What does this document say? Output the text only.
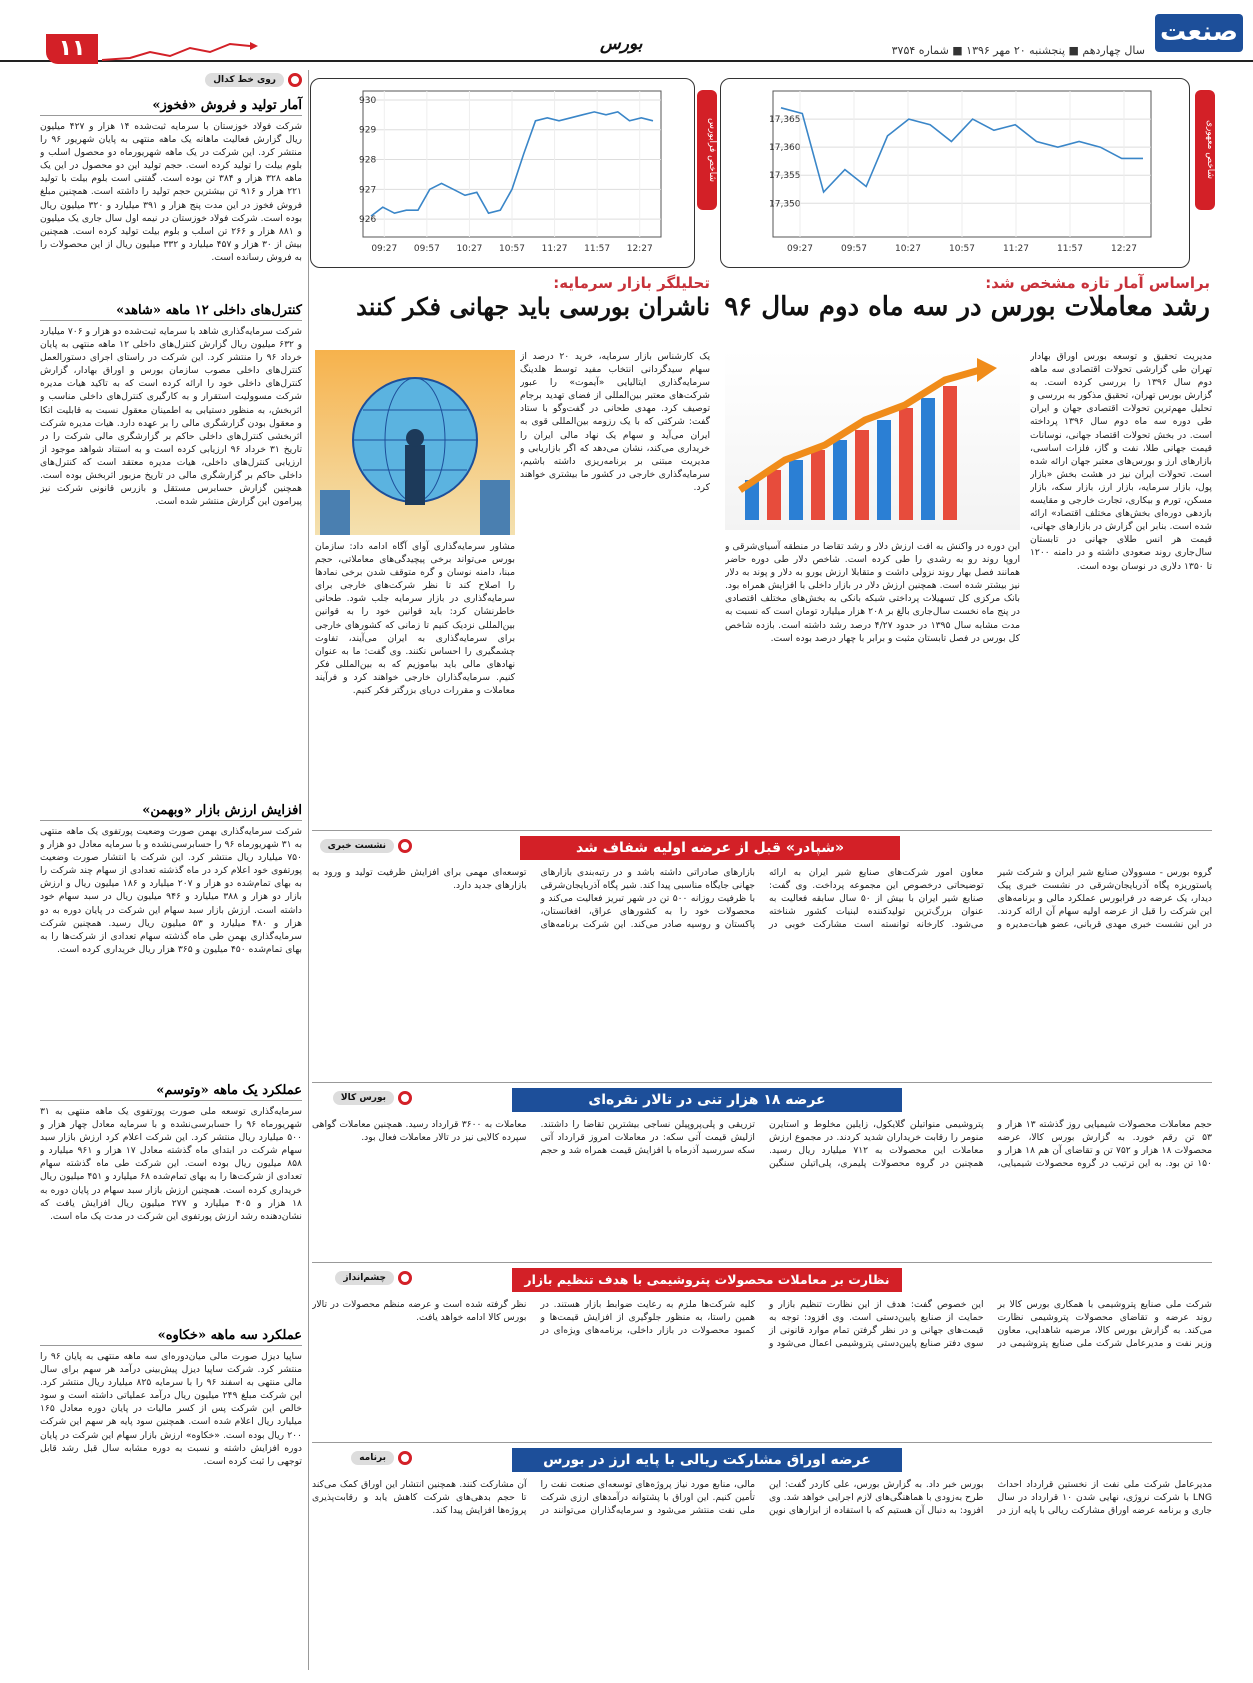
صنعت
سال چهاردهم ■ پنجشنبه ۲۰ مهر ۱۳۹۶ ■ شماره ۳۷۵۴
بورس
۱۱
روی خط کدال
آمار تولید و فروش «فخوز»
شرکت فولاد خوزستان با سرمایه ثبت‌شده ۱۴ هزار و ۴۲۷ میلیون ریال گزارش فعالیت ماهانه یک ماهه منتهی به پایان شهریور ۹۶ را منتشر کرد. این شرکت در یک ماهه شهریورماه دو محصول اسلب و بلوم بیلت را تولید کرده است. حجم تولید این دو محصول در این یک ماهه ۳۲۸ هزار و ۳۸۴ تن بوده است. گفتنی است بلوم بیلت با تولید ۲۲۱ هزار و ۹۱۶ تن بیشترین حجم تولید را داشته است. همچنین مبلغ فروش فخوز در این مدت پنج هزار و ۳۹۱ میلیارد و ۳۲۰ میلیون ریال بوده است. شرکت فولاد خوزستان در نیمه اول سال جاری یک میلیون و ۸۸۱ هزار و ۲۶۶ تن اسلب و بلوم بیلت تولید کرده است. همچنین بیش از ۳۰ هزار و ۴۵۷ میلیارد و ۳۳۲ میلیون ریال از این محصولات را به فروش رسانده است.
کنترل‌های داخلی ۱۲ ماهه «شاهد»
شرکت سرمایه‌گذاری شاهد با سرمایه ثبت‌شده دو هزار و ۷۰۶ میلیارد و ۶۳۲ میلیون ریال گزارش کنترل‌های داخلی ۱۲ ماهه منتهی به پایان خرداد ۹۶ را منتشر کرد. این شرکت در راستای اجرای دستورالعمل کنترل‌های داخلی مصوب سازمان بورس و اوراق بهادار، گزارش کنترل‌های داخلی خود را ارائه کرده است که به تاکید هیات مدیره شرکت مسوولیت استقرار و به کارگیری کنترل‌های داخلی مناسب و اثربخش، به منظور دستیابی به اطمینان معقول نسبت به قابلیت اتکا و معقول بودن گزارشگری مالی را بر عهده دارد. هیات مدیره شرکت اثربخشی کنترل‌های داخلی حاکم بر گزارشگری مالی شرکت را در تاریخ ۳۱ خرداد ۹۶ ارزیابی کرده است و به استناد شواهد موجود از ارزیابی کنترل‌های داخلی، هیات مدیره معتقد است که کنترل‌های داخلی حاکم بر گزارشگری مالی در تاریخ مزبور اثربخش بوده است. همچنین گزارش حسابرس مستقل و بازرس قانونی شرکت نیز پیرامون این گزارش منتشر شده است.
افزایش ارزش بازار «وبهمن»
شرکت سرمایه‌گذاری بهمن صورت وضعیت پورتفوی یک ماهه منتهی به ۳۱ شهریورماه ۹۶ را حسابرسی‌نشده و با سرمایه معادل دو هزار و ۷۵۰ میلیارد ریال منتشر کرد. این شرکت با انتشار صورت وضعیت پورتفوی خود اعلام کرد در ماه گذشته تعدادی از سهام چند شرکت را به بهای تمام‌شده دو هزار و ۲۰۷ میلیارد و ۱۸۶ میلیون ریال و ارزش بازار دو هزار و ۳۸۸ میلیارد و ۹۴۶ میلیون ریال در سبد سهام خود داشته است. ارزش بازار سبد سهام این شرکت در پایان دوره به دو هزار و ۴۸۰ میلیارد و ۵۳ میلیون ریال رسید. همچنین شرکت سرمایه‌گذاری بهمن طی ماه گذشته سهام تعدادی از شرکت‌ها را به بهای تمام‌شده ۴۵۰ میلیون و ۳۶۵ هزار ریال خریداری کرده است.
عملکرد یک ماهه «وتوسم»
سرمایه‌گذاری توسعه ملی صورت پورتفوی یک ماهه منتهی به ۳۱ شهریورماه ۹۶ را حسابرسی‌نشده و با سرمایه معادل چهار هزار و ۵۰۰ میلیارد ریال منتشر کرد. این شرکت اعلام کرد ارزش بازار سبد سهام شرکت در ابتدای ماه گذشته معادل ۱۷ هزار و ۹۶۱ میلیارد و ۸۵۸ میلیون ریال بوده است. این شرکت طی ماه گذشته سهام تعدادی از شرکت‌ها را به بهای تمام‌شده ۶۸ میلیارد و ۴۵۱ میلیون ریال خریداری کرده است. همچنین ارزش بازار سبد سهام در پایان دوره به ۱۸ هزار و ۴۰۵ میلیارد و ۲۷۷ میلیون ریال افزایش یافت که نشان‌دهنده رشد ارزش پورتفوی این شرکت در مدت یک ماه است.
عملکرد سه ماهه «خکاوه»
ساپیا دیزل صورت مالی میان‌دوره‌ای سه ماهه منتهی به پایان ۹۶ را منتشر کرد. شرکت ساپیا دیزل پیش‌بینی درآمد هر سهم برای سال مالی منتهی به اسفند ۹۶ را با سرمایه ۸۲۵ میلیارد ریال منتشر کرد. این شرکت مبلغ ۲۴۹ میلیون ریال درآمد عملیاتی داشته است و سود خالص این شرکت پس از کسر مالیات در پایان دوره معادل ۱۶۵ میلیارد ریال اعلام شده است. همچنین سود پایه هر سهم این شرکت ۲۰۰ ریال بوده است. «خکاوه» ارزش بازار سهام این شرکت در پایان دوره افزایش داشته و نسبت به دوره مشابه سال قبل رشد قابل توجهی را ثبت کرده است.
17,350
17,355
17,360
17,365
09:27	09:57	10:27	10:57	11:27	11:57	12:27
شاخص معهوری
926
927
928
929
930
09:27 09:57 10:27 10:57 11:27 11:57 12:27
شاخص فرابورس
براساس آمار تازه مشخص شد:
رشد معاملات بورس در سه ماه دوم سال ۹۶
مدیریت تحقیق و توسعه بورس اوراق بهادار تهران طی گزارشی تحولات اقتصادی سه ماهه دوم سال ۱۳۹۶ را بررسی کرده است. به گزارش بورس تهران، تحقیق مذکور به بررسی و تحلیل مهم‌ترین تحولات اقتصادی جهان و ایران طی دوره سه ماه دوم سال ۱۳۹۶ پرداخته است. در بخش تحولات اقتصاد جهانی، نوسانات قیمت جهانی طلا، نفت و گاز، فلزات اساسی، بازارهای ارز و بورس‌های معتبر جهان ارائه شده است. تحولات ایران نیز در هشت بخش «بازار پول، بازار سرمایه، بازار ارز، بازار سکه، بازار مسکن، تورم و بیکاری، تجارت خارجی و مقایسه بازدهی دوره‌ای بخش‌های مختلف اقتصاد» ارائه شده است. بنابر این گزارش در بازارهای جهانی، قیمت هر انس طلای جهانی در تابستان سال‌جاری روند صعودی داشته و در دامنه ۱۲۰۰ تا ۱۳۵۰ دلاری در نوسان بوده است.
این دوره در واکنش به افت ارزش دلار و رشد تقاضا در منطقه آسیای‌شرقی و اروپا روند رو به رشدی را طی کرده است. شاخص دلار طی دوره حاضر همانند فصل بهار روند نزولی داشت و متقابلا ارزش یورو به دلار و پوند به دلار نیز بیشتر شده است. همچنین ارزش دلار در بازار داخلی با افزایش همراه بود. بانک مرکزی کل تسهیلات پرداختی شبکه بانکی به بخش‌های مختلف اقتصادی در پنج ماه نخست سال‌جاری بالغ بر ۲۰۸ هزار میلیارد تومان است که نسبت به مدت مشابه سال ۱۳۹۵ در حدود ۴/۲۷ درصد رشد داشته است. بازده شاخص کل بورس در فصل تابستان مثبت و برابر با چهار درصد بوده است.
تحلیلگر بازار سرمایه:
ناشران بورسی باید جهانی فکر کنند
یک کارشناس بازار سرمایه، خرید ۲۰ درصد از سهام سیدگردانی انتخاب مفید توسط هلدینگ سرمایه‌گذاری ایتالیایی «آیموت» را عبور شرکت‌های معتبر بین‌المللی از فضای تهدید برجام توصیف کرد. مهدی طحانی در گفت‌وگو با ستاد گفت: شرکتی که با یک رزومه بین‌المللی قوی به ایران می‌آید و سهام یک نهاد مالی ایران را خریداری می‌کند، نشان می‌دهد که اگر بازاریابی و مدیریت مبتنی بر برنامه‌ریزی داشته باشیم، سرمایه‌گذاری خارجی در کشور ما بیشتری خواهند کرد.
مشاور سرمایه‌گذاری آوای آگاه ادامه داد: سازمان بورس می‌تواند برخی پیچیدگی‌های معاملاتی، حجم مبنا، دامنه نوسان و گره متوقف شدن برخی نمادها را اصلاح کند تا نظر شرکت‌های خارجی برای سرمایه‌گذاری در بازار سرمایه جلب شود. طحانی خاطرنشان کرد: باید قوانین خود را به قوانین بین‌المللی نزدیک کنیم تا زمانی که کشورهای خارجی برای سرمایه‌گذاری به ایران می‌آیند، تفاوت چشمگیری را احساس نکنند. وی گفت: ما به عنوان نهادهای مالی باید بیاموزیم که به بین‌المللی فکر کنیم. سرمایه‌گذاران خارجی خواهند کرد و فرآیند معاملات و مقررات دریای بزرگتر فکر کنیم.
نشست خبری	«شپادر» قبل از عرضه اولیه شفاف شد
گروه بورس - مسوولان صنایع شیر ایران و شرکت شیر پاستوریزه پگاه آذربایجان‌شرقی در نشست خبری پیک دیدار، یک عرضه در فرابورس عملکرد مالی و برنامه‌های این شرکت را قبل از عرضه اولیه سهام آن ارائه کردند. در این نشست خبری مهدی قربانی، عضو هیات‌مدیره و معاون امور شرکت‌های صنایع شیر ایران به ارائه توضیحاتی درخصوص این مجموعه پرداخت. وی گفت: صنایع شیر ایران با بیش از ۵۰ سال سابقه فعالیت به عنوان بزرگ‌ترین تولیدکننده لبنیات کشور شناخته می‌شود. کارخانه توانسته است مشارکت خوبی در بازارهای صادراتی داشته باشد و در رتبه‌بندی بازارهای جهانی جایگاه مناسبی پیدا کند. شیر پگاه آذربایجان‌شرقی با ظرفیت روزانه ۵۰۰ تن در شهر تبریز فعالیت می‌کند و محصولات خود را به کشورهای عراق، افغانستان، پاکستان و روسیه صادر می‌کند. این شرکت برنامه‌های توسعه‌ای مهمی برای افزایش ظرفیت تولید و ورود به بازارهای جدید دارد.
بورس کالا	عرضه ۱۸ هزار تنی در تالار نقره‌ای
حجم معاملات محصولات شیمیایی روز گذشته ۱۳ هزار و ۵۳ تن رقم خورد. به گزارش بورس کالا، عرضه محصولات ۱۸ هزار و ۷۵۲ تن و تقاضای آن هم ۱۸ هزار و ۱۵۰ تن بود. به این ترتیب در گروه محصولات شیمیایی، پتروشیمی منواتیلن گلایکول، زایلین مخلوط و استایرن منومر را رقابت خریداران شدید کردند. در مجموع ارزش معاملات این محصولات به ۷۱۲ میلیارد ریال رسید. همچنین در گروه محصولات پلیمری، پلی‌اتیلن سنگین تزریقی و پلی‌پروپیلن نساجی بیشترین تقاضا را داشتند. ازلیش قیمت آتی سکه: در معاملات امروز قرارداد آتی سکه سررسید آذرماه با افزایش قیمت همراه شد و حجم معاملات به ۳۶۰۰ قرارداد رسید. همچنین معاملات گواهی سپرده کالایی نیز در تالار معاملات فعال بود.
چشم‌انداز	نظارت بر معاملات محصولات پتروشیمی با هدف تنظیم بازار
شرکت ملی صنایع پتروشیمی با همکاری بورس کالا بر روند عرضه و تقاضای محصولات پتروشیمی نظارت می‌کند. به گزارش بورس کالا، مرضیه شاهدایی، معاون وزیر نفت و مدیرعامل شرکت ملی صنایع پتروشیمی در این خصوص گفت: هدف از این نظارت تنظیم بازار و حمایت از صنایع پایین‌دستی است. وی افزود: توجه به قیمت‌های جهانی و در نظر گرفتن تمام موارد قانونی از سوی دفتر صنایع پایین‌دستی پتروشیمی اعمال می‌شود و کلیه شرکت‌ها ملزم به رعایت ضوابط بازار هستند. در همین راستا، به منظور جلوگیری از افزایش قیمت‌ها و کمبود محصولات در بازار داخلی، برنامه‌های ویژه‌ای در نظر گرفته شده است و عرضه منظم محصولات در تالار بورس کالا ادامه خواهد یافت.
برنامه	عرضه اوراق مشارکت ریالی با پایه ارز در بورس
مدیرعامل شرکت ملی نفت از نخستین قرارداد احداث LNG با شرکت نروژی، نهایی شدن ۱۰ قرارداد در سال جاری و برنامه عرضه اوراق مشارکت ریالی با پایه ارز در بورس خبر داد. به گزارش بورس، علی کاردر گفت: این طرح به‌زودی با هماهنگی‌های لازم اجرایی خواهد شد. وی افزود: به دنبال آن هستیم که با استفاده از ابزارهای نوین مالی، منابع مورد نیاز پروژه‌های توسعه‌ای صنعت نفت را تأمین کنیم. این اوراق با پشتوانه درآمدهای ارزی شرکت ملی نفت منتشر می‌شود و سرمایه‌گذاران می‌توانند در آن مشارکت کنند. همچنین انتشار این اوراق کمک می‌کند تا حجم بدهی‌های شرکت کاهش یابد و رقابت‌پذیری پروژه‌ها افزایش پیدا کند.
